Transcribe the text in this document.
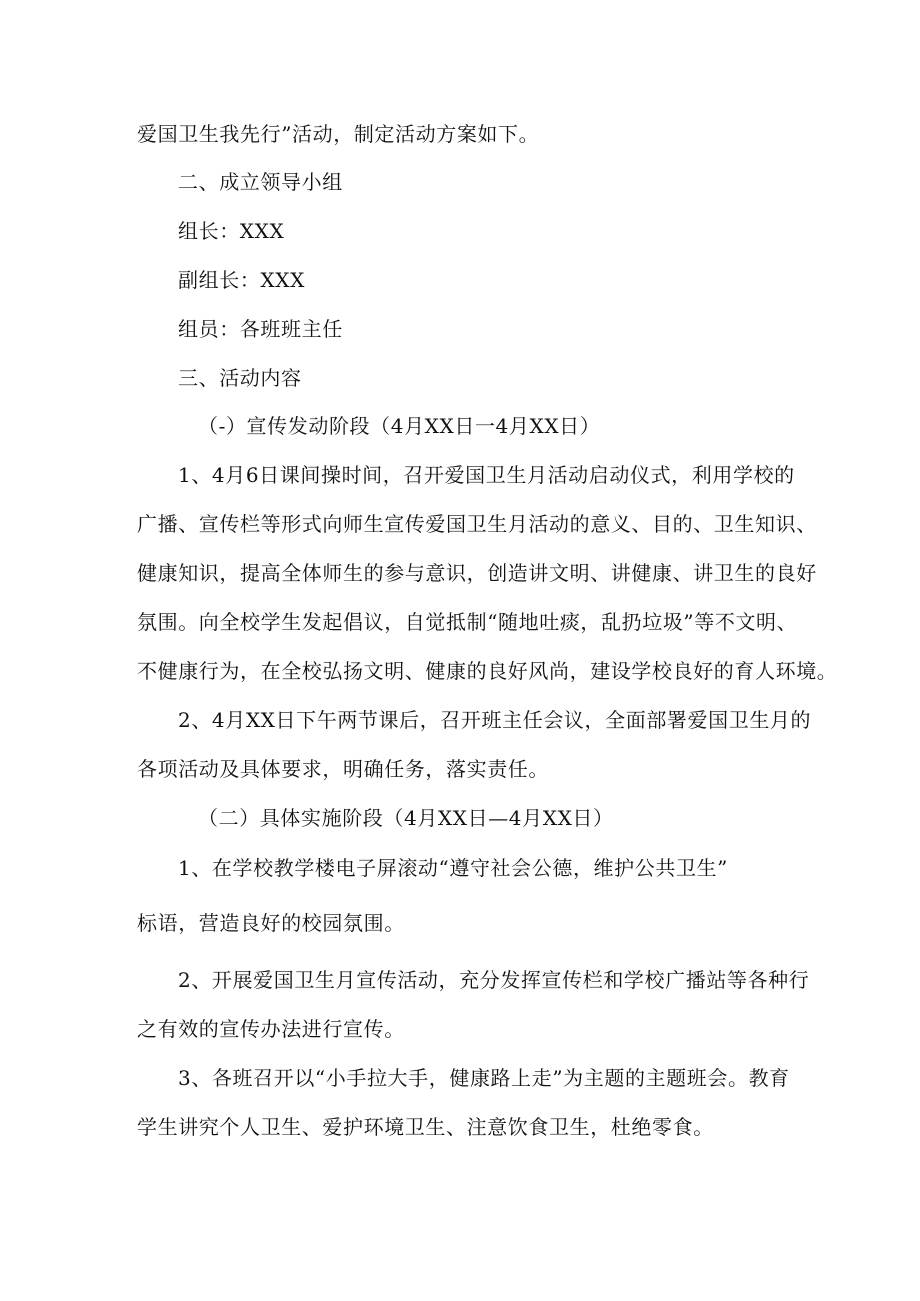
爱国卫生我先行”活动，制定活动方案如下。
二、成立领导小组
组长：XXX
副组长：XXX
组员：各班班主任
三、活动内容
（-）宣传发动阶段（4月XX日一4月XX日）
1、4月6日课间操时间，召开爱国卫生月活动启动仪式，利用学校的
广播、宣传栏等形式向师生宣传爱国卫生月活动的意义、目的、卫生知识、
健康知识，提高全体师生的参与意识，创造讲文明、讲健康、讲卫生的良好
氛围。向全校学生发起倡议，自觉抵制“随地吐痰，乱扔垃圾”等不文明、
不健康行为，在全校弘扬文明、健康的良好风尚，建设学校良好的育人环境。
2、4月XX日下午两节课后，召开班主任会议，全面部署爱国卫生月的
各项活动及具体要求，明确任务，落实责任。
（二）具体实施阶段（4月XX日—4月XX日）
1、在学校教学楼电子屏滚动“遵守社会公德，维护公共卫生”
标语，营造良好的校园氛围。
2、开展爱国卫生月宣传活动，充分发挥宣传栏和学校广播站等各种行
之有效的宣传办法进行宣传。
3、各班召开以“小手拉大手，健康路上走”为主题的主题班会。教育
学生讲究个人卫生、爱护环境卫生、注意饮食卫生，杜绝零食。
